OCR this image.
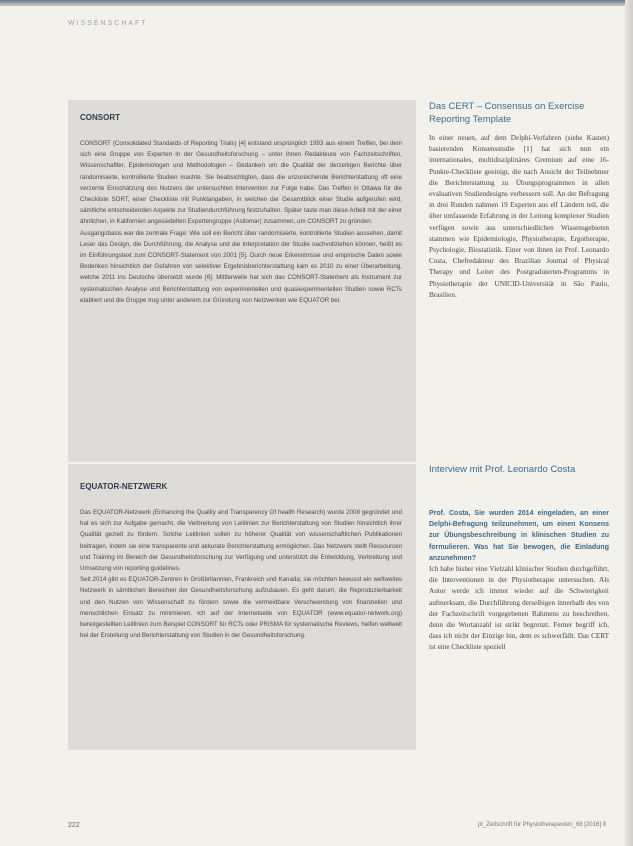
WISSENSCHAFT
CONSORT

CONSORT (Consolidated Standards of Reporting Trials) [4] entstand ursprünglich 1993 aus einem Treffen, bei dem sich eine Gruppe von Experten in der Gesundheitsforschung – unter ihnen Redakteure von Fachzeitschriften, Wissenschaftler, Epidemiologen und Methodologen – Gedanken um die Qualität der derzeitigen Berichte über randomisierte, kontrollierte Studien machte. Sie beabsichtigten, dass die unzureichende Berichterstattung oft eine verzerrte Einschätzung des Nutzens der untersuchten Intervention zur Folge habe. Das Treffen in Ottawa für die Checkliste SORT, einer Checkliste mit Punktangaben, in welchen der Gesamtblick einer Studie aufgerufen wird, sämtliche entscheidenden Aspekte zur Studiendurchführung festzuhalten. Später taste man diese Arbeit mit der einer ähnlichen, in Kalifornien angesiedelten Expertengruppe (Asilomar) zusammen, um CONSORT zu gründen.

Ausgangsbasis war die zentrale Frage: Wie soll ein Bericht über randomisierte, kontrollierte Studien aussehen, damit Leser das Design, die Durchführung, die Analyse und die Interpretation der Studie nachvollziehen können, heißt es im Einführungstext zum CONSORT-Statement von 2001 [5]. Durch neue Erkenntnisse und empirische Daten sowie Bedenken hinsichtlich der Gefahren von selektiver Ergebnisberichterstattung kam es 2010 zu einer Überarbeitung, welche 2011 ins Deutsche übersetzt wurde [6]. Mittlerweile hat sich das CONSORT-Statement als Instrument zur systematischen Analyse und Berichterstattung von experimentellen und quasiexperimentellen Studien sowie RCTs etabliert und die Gruppe trug unter anderem zur Gründung von Netzwerken wie EQUATOR bei.

EQUATOR-NETZWERK

Das EQUATOR-Netzwerk (Enhancing the Quality and Transparency Of health Research) wurde 2008 gegründet und hat es sich zur Aufgabe gemacht, die Verbreitung von Leitlinien zur Berichterstattung von Studien hinsichtlich ihrer Qualität gezielt zu fördern. Solche Leitlinien sollen zu höherer Qualität von wissenschaftlichen Publikationen beitragen, indem sie eine transparente und akkurate Berichterstattung ermöglichen. Das Netzwerk stellt Ressourcen und Training im Bereich der Gesundheitsforschung zur Verfügung und unterstützt die Entwicklung, Verbreitung und Umsetzung von reporting guidelines.

Seit 2014 gibt es EQUATOR-Zentren in Großbritannien, Frankreich und Kanada; sie möchten bewusst ein weltweites Netzwerk in sämtlichen Bereichen der Gesundheitsforschung aufzubauen. Es geht darum, die Reproduzierbarkeit und den Nutzen von Wissenschaft zu fördern sowie die vermeidbare Verschwendung von finanziellen und menschlichen Einsatz zu minimieren. Ich auf der Internetseite von EQUATOR (www.equator-network.org) bereitgestellten Leitlinien zum Beispiel CONSORT für RCTs oder PRISMA für systematische Reviews, helfen weltweit bei der Erstellung und Berichterstattung von Studien in der Gesundheitsforschung.

Das CERT – Consensus on Exercise Reporting Template
In einer neuen, auf dem Delphi-Verfahren (siehe Kasten) basierenden Konsensstudie [1] hat sich nun ein internationales, multidisziplinäres Gremium auf eine 16-Punkte-Checkliste geeinigt, die nach Ansicht der Teilnehmer die Berichterstattung zu Übungsprogrammen in allen evaluativen Studiendesigns verbessern soll. An der Befragung in drei Runden nahmen 19 Experten aus elf Ländern teil, die über umfassende Erfahrung in der Leitung komplexer Studien verfügen sowie aus unterschiedlichen Wissensgebieten stammen wie Epidemiologie, Physiotherapie, Ergotherapie, Psychologie, Biostatistik. Einer von ihnen ist Prof. Leonardo Costa, Chefredakteur des Brazilian Journal of Physical Therapy und Leiter des Postgraduierten-Programms in Physiotherapie der UNICID-Universität in São Paulo, Brasilien.
Interview mit Prof. Leonardo Costa
Prof. Costa, Sie wurden 2014 eingeladen, an einer Delphi-Befragung teilzunehmen, um einen Konsens zur Übungsbeschreibung in klinischen Studien zu formulieren. Was hat Sie bewogen, die Einladung anzunehmen?

Ich habe bisher eine Vielzahl klinischer Studien durchgeführt, die Interventionen in der Physiotherapie untersuchen. Als Autor werde ich immer wieder auf die Schwierigkeit aufmerksam, die Durchführung derselbigen innerhalb des von der Fachzeitschrift vorgegebenen Rahmens zu beschreiben, denn die Wortanzahl ist strikt begrenzt. Ferner begriff ich, dass ich nicht der Einzige bin, dem es schwerfällt. Das CERT ist eine Checkliste speziell

222	pt_Zeitschrift für Physiotherapeuten_68 [2016] 8
